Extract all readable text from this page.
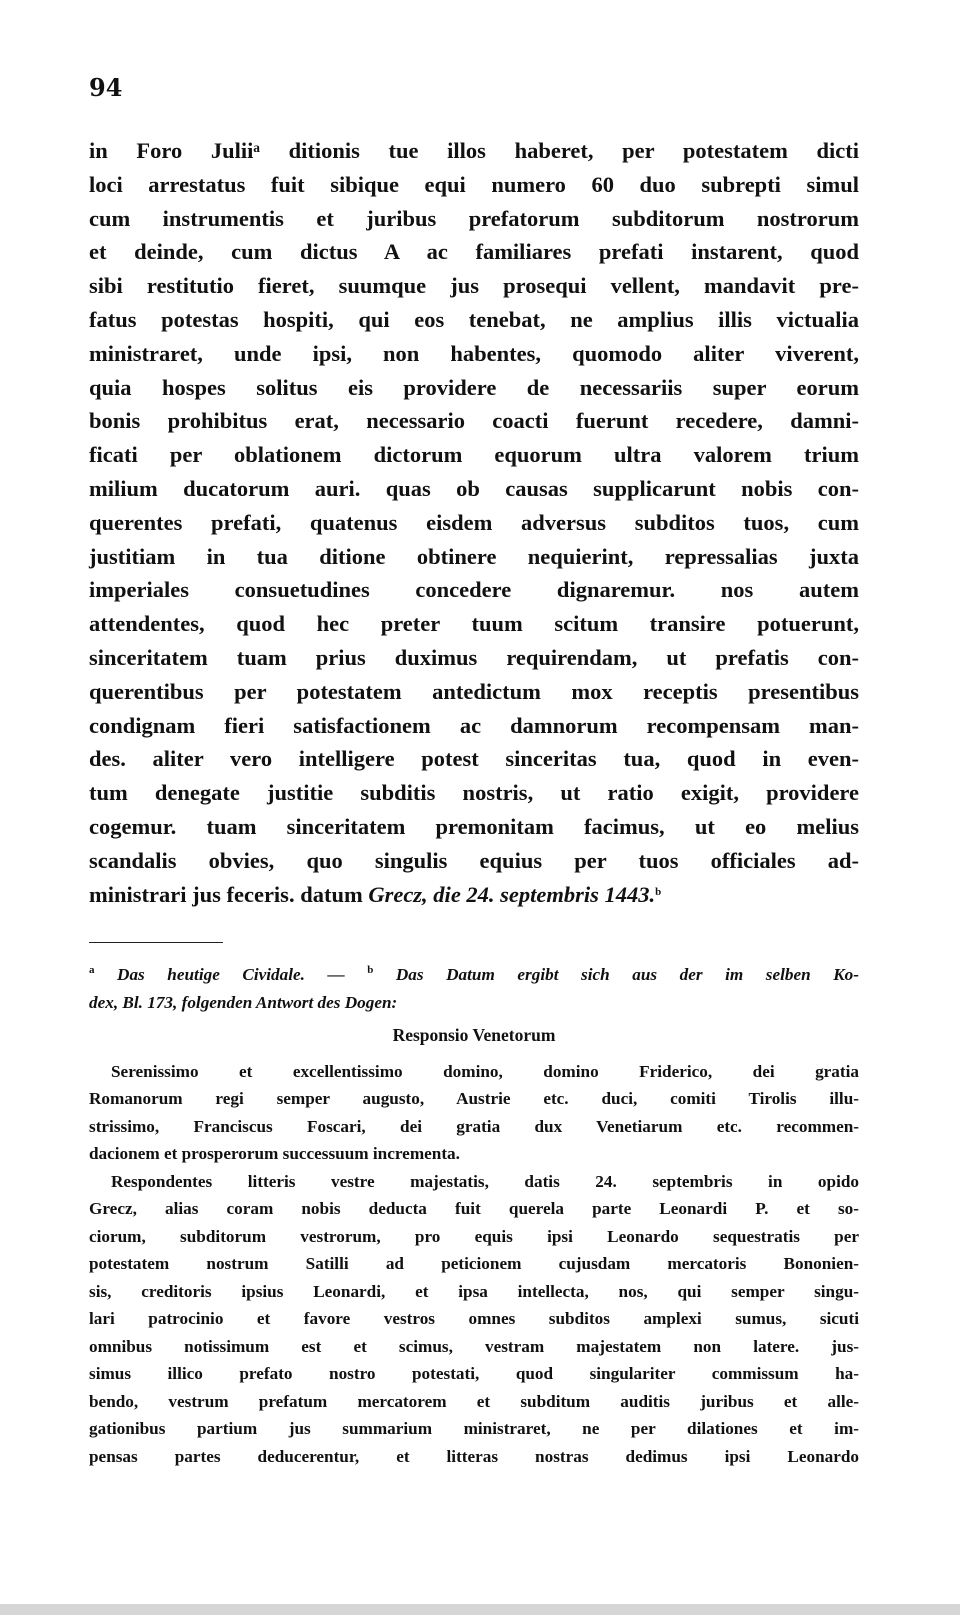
94
in Foro Juliiᵃ ditionis tue illos haberet, per potestatem dicti
loci arrestatus fuit sibique equi numero 60 duo subrepti simul
cum instrumentis et juribus prefatorum subditorum nostrorum
et deinde, cum dictus A ac familiares prefati instarent, quod
sibi restitutio fieret, suumque jus prosequi vellent, mandavit pre-
fatus potestas hospiti, qui eos tenebat, ne amplius illis victualia
ministraret, unde ipsi, non habentes, quomodo aliter viverent,
quia hospes solitus eis providere de necessariis super eorum
bonis prohibitus erat, necessario coacti fuerunt recedere, damni-
ficati per oblationem dictorum equorum ultra valorem trium
milium ducatorum auri. quas ob causas supplicarunt nobis con-
querentes prefati, quatenus eisdem adversus subditos tuos, cum
justitiam in tua ditione obtinere nequierint, repressalias juxta
imperiales consuetudines concedere dignaremur. nos autem
attendentes, quod hec preter tuum scitum transire potuerunt,
sinceritatem tuam prius duximus requirendam, ut prefatis con-
querentibus per potestatem antedictum mox receptis presentibus
condignam fieri satisfactionem ac damnorum recompensam man-
des. aliter vero intelligere potest sinceritas tua, quod in even-
tum denegate justitie subditis nostris, ut ratio exigit, providere
cogemur. tuam sinceritatem premonitam facimus, ut eo melius
scandalis obvies, quo singulis equius per tuos officiales ad-
ministrari jus feceris. datum Grecz, die 24. septembris 1443.$^b$
$^a$ Das heutige Cividale. — $^b$ Das Datum ergibt sich aus der im selben Ko-
dex, Bl. 173, folgenden Antwort des Dogen:
Responsio Venetorum
Serenissimo et excellentissimo domino, domino Friderico, dei gratia
Romanorum regi semper augusto, Austrie etc. duci, comiti Tirolis illu-
strissimo, Franciscus Foscari, dei gratia dux Venetiarum etc. recommen-
dacionem et prosperorum successuum incrementa.
Respondentes litteris vestre majestatis, datis 24. septembris in opido
Grecz, alias coram nobis deducta fuit querela parte Leonardi P. et so-
ciorum, subditorum vestrorum, pro equis ipsi Leonardo sequestratis per
potestatem nostrum Satilli ad peticionem cujusdam mercatoris Bononien-
sis, creditoris ipsius Leonardi, et ipsa intellecta, nos, qui semper singu-
lari patrocinio et favore vestros omnes subditos amplexi sumus, sicuti
omnibus notissimum est et scimus, vestram majestatem non latere. jus-
simus illico prefato nostro potestati, quod singulariter commissum ha-
bendo, vestrum prefatum mercatorem et subditum auditis juribus et alle-
gationibus partium jus summarium ministraret, ne per dilationes et im-
pensas partes deducerentur, et litteras nostras dedimus ipsi Leonardo
